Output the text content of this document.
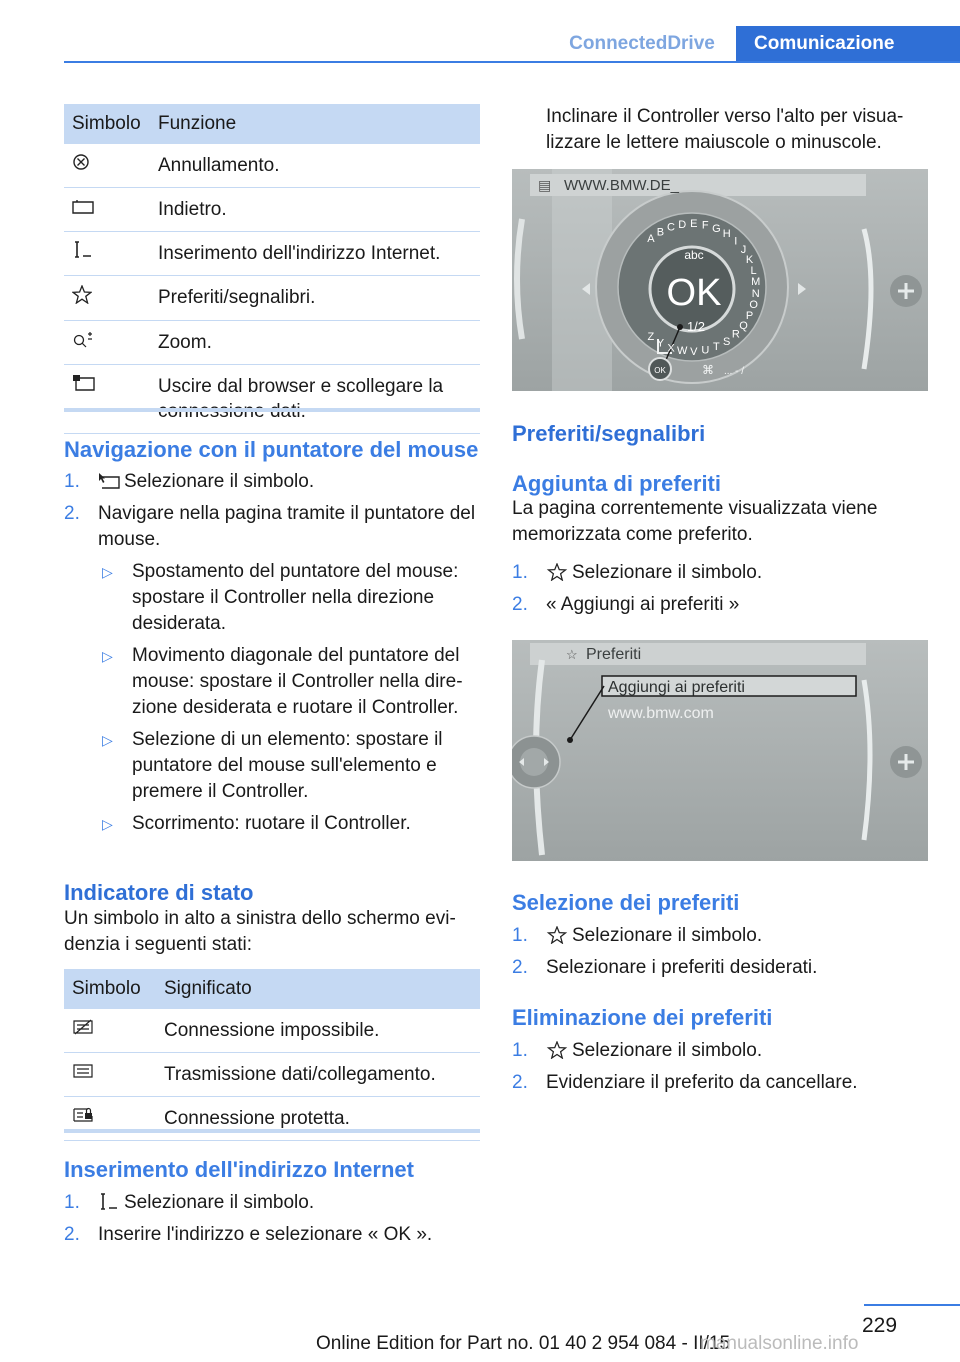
ConnectedDrive	Comunicazione
Simbolo	Funzione
	Annullamento.
	Indietro.
	Inserimento dell'indirizzo Internet.
	Preferiti/segnalibri.
	Zoom.
	Uscire dal browser e scollegare la
Navigazione con il puntatore del mouse
1. Selezionare il simbolo.
2. Navigare nella pagina tramite il puntatore del mouse.
▷ Spostamento del puntatore del mouse: spostare il Controller nella direzione desiderata.
▷ Movimento diagonale del puntatore del mouse: spostare il Controller nella dire‐ zione desiderata e ruotare il Controller.
▷ Selezione di un elemento: spostare il puntatore del mouse sull'elemento e premere il Controller.
▷ Scorrimento: ruotare il Controller.
Indicatore di stato

Un simbolo in alto a sinistra dello schermo evi‐ denzia i seguenti stati:

Simbolo	Significato
	Connessione impossibile.
	Trasmissione dati/collegamento.
	Connessione protetta.
Inserimento dell'indirizzo Internet
1. Selezionare il simbolo.
2. Inserire l'indirizzo e selezionare « OK ».

Inclinare il Controller verso l'alto per visua‐ lizzare le lettere maiuscole o minuscole.

OK
▤ WWW.BMW.DE_
abc
OK
1/2
A
B C D E F G H
I
J
K
L
M
N
O
P
Q
R
S
T
U
V
W
X
Y
Z
⌘ ... - /
Preferiti/segnalibri
Aggiunta di preferiti

La pagina correntemente visualizzata viene memorizzata come preferito.

1. Selezionare il simbolo.
2. « Aggiungi ai preferiti »
☆ Preferiti
Aggiungi ai preferiti
www.bmw.com
Selezione dei preferiti
1. Selezionare il simbolo.
2. Selezionare i preferiti desiderati.
Eliminazione dei preferiti
1. Selezionare il simbolo.
2. Evidenziare il preferito da cancellare.
229
Online Edition for Part no. 01 40 2 954 084 - II/15
manualsonline.info
